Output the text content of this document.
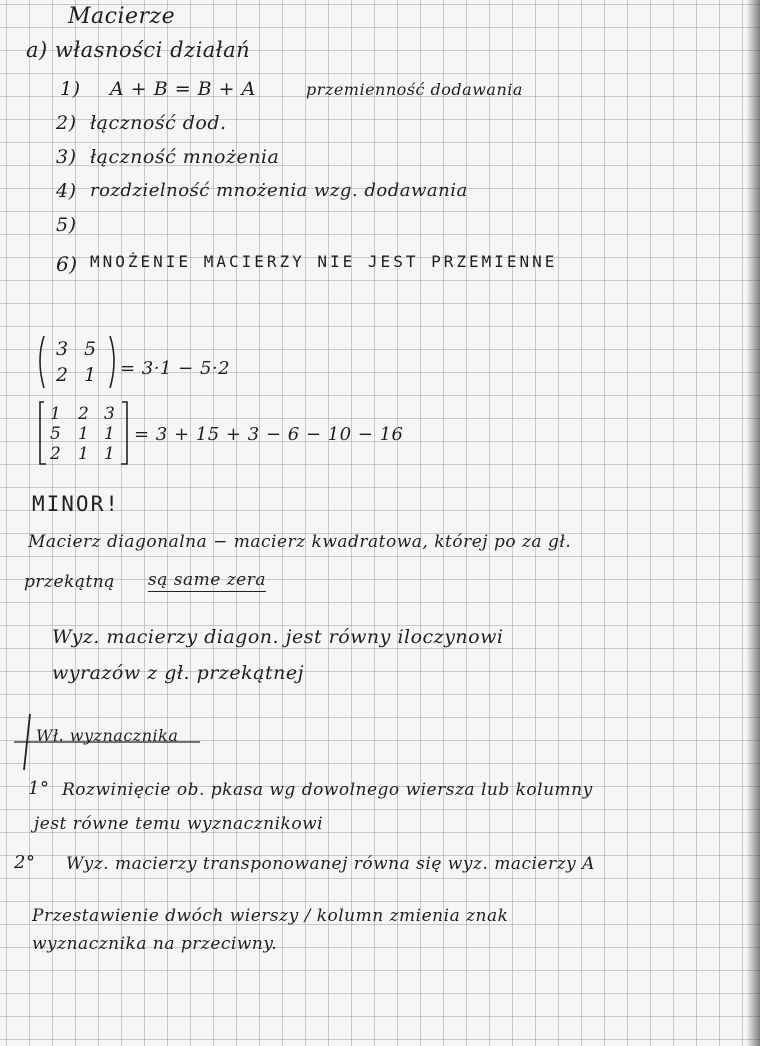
Macierze
a) własności działań
1) A + B = B + A	przemienność dodawania
2) łączność dod.
3) łączność mnożenia
4) rozdzielność mnożenia wzg. dodawania
5)
6) MNOŻENIE MACIERZY NIE JEST PRZEMIENNE
3 5
2 1 = 3·1 − 5·2
1 2 3
5 1 1
2 1 1
= 3 + 15 + 3 − 6 − 10 − 16
MINOR!
Macierz diagonalna − macierz kwadratowa, której po za gł.
przekątną są same zera
Wyz. macierzy diagon. jest równy iloczynowi
wyrazów z gł. przekątnej
Wł. wyznacznika
1° Rozwinięcie ob. pkasa wg dowolnego wiersza lub kolumny
jest równe temu wyznacznikowi
2° Wyz. macierzy transponowanej równa się wyz. macierzy A
Przestawienie dwóch wierszy / kolumn zmienia znak
wyznacznika na przeciwny.
